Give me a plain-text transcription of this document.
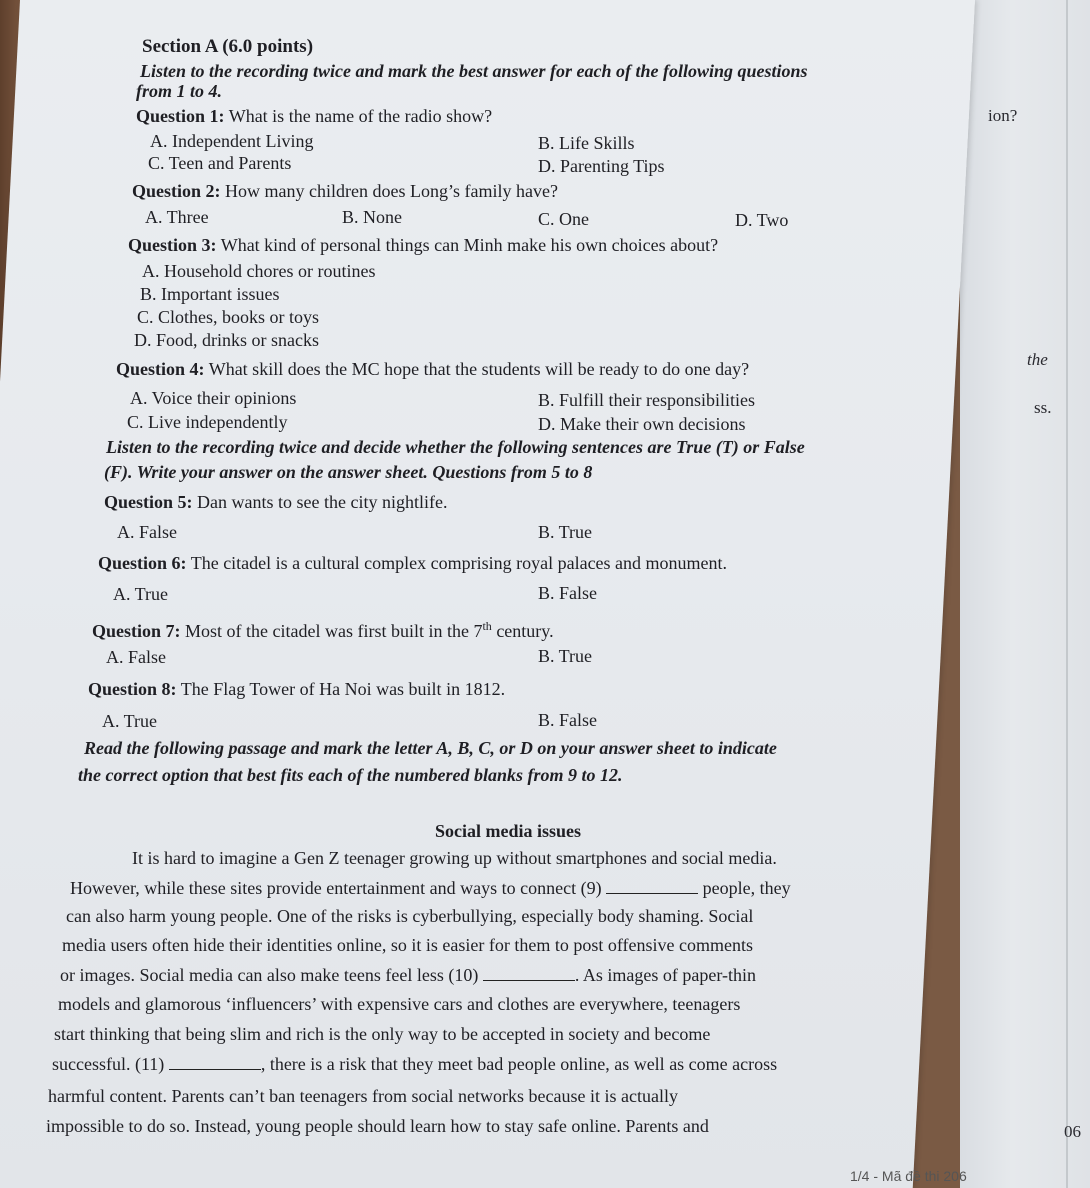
Section A (6.0 points)
Listen to the recording twice and mark the best answer for each of the following questions
from 1 to 4.
Question 1: What is the name of the radio show?
A. Independent Living	B. Life Skills
C. Teen and Parents	D. Parenting Tips
Question 2: How many children does Long’s family have?
A. Three	B. None	C. One	D. Two
Question 3: What kind of personal things can Minh make his own choices about?
A. Household chores or routines
B. Important issues
C. Clothes, books or toys
D. Food, drinks or snacks
Question 4: What skill does the MC hope that the students will be ready to do one day?
A. Voice their opinions	B. Fulfill their responsibilities
C. Live independently	D. Make their own decisions
Listen to the recording twice and decide whether the following sentences are True (T) or False
(F). Write your answer on the answer sheet. Questions from 5 to 8
Question 5: Dan wants to see the city nightlife.
A. False	B. True
Question 6: The citadel is a cultural complex comprising royal palaces and monument.
A. True	B. False
Question 7: Most of the citadel was first built in the 7th century.
A. False	B. True
Question 8: The Flag Tower of Ha Noi was built in 1812.
A. True	B. False
Read the following passage and mark the letter A, B, C, or D on your answer sheet to indicate
the correct option that best fits each of the numbered blanks from 9 to 12.
Social media issues
It is hard to imagine a Gen Z teenager growing up without smartphones and social media.
However, while these sites provide entertainment and ways to connect (9)	people, they
can also harm young people. One of the risks is cyberbullying, especially body shaming. Social
media users often hide their identities online, so it is easier for them to post offensive comments
or images. Social media can also make teens feel less (10)	. As images of paper-thin
models and glamorous ‘influencers’ with expensive cars and clothes are everywhere, teenagers
start thinking that being slim and rich is the only way to be accepted in society and become
successful. (11)	, there is a risk that they meet bad people online, as well as come across
harmful content. Parents can’t ban teenagers from social networks because it is actually
impossible to do so. Instead, young people should learn how to stay safe online. Parents and
ion?
the
ss.
06
1/4 - Mã đề thi 206
